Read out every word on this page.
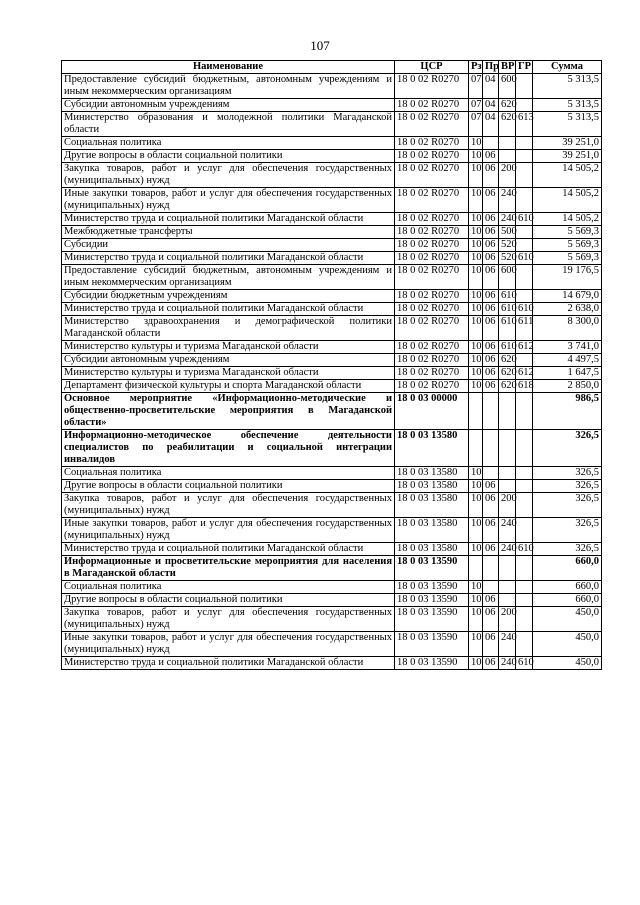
107
Наименование	ЦСР	Рз	Пр	ВР	ГР	Сумма
Предоставление субсидий бюджетным, автономным учреждениям и иным некоммерческим организациям	18 0 02 R0270	07	04	600		5 313,5
Субсидии автономным учреждениям	18 0 02 R0270	07	04	620		5 313,5
Министерство образования и молодежной политики Магаданской области	18 0 02 R0270	07	04	620	613	5 313,5
Социальная политика	18 0 02 R0270	10				39 251,0
Другие вопросы в области социальной политики	18 0 02 R0270	10	06			39 251,0
Закупка товаров, работ и услуг для обеспечения государственных (муниципальных) нужд	18 0 02 R0270	10	06	200		14 505,2
Иные закупки товаров, работ и услуг для обеспечения государственных (муниципальных) нужд	18 0 02 R0270	10	06	240		14 505,2
Министерство труда и социальной политики Магаданской области	18 0 02 R0270	10	06	240	610	14 505,2
Межбюджетные трансферты	18 0 02 R0270	10	06	500		5 569,3
Субсидии	18 0 02 R0270	10	06	520		5 569,3
Министерство труда и социальной политики Магаданской области	18 0 02 R0270	10	06	520	610	5 569,3
Предоставление субсидий бюджетным, автономным учреждениям и иным некоммерческим организациям	18 0 02 R0270	10	06	600		19 176,5
Субсидии бюджетным учреждениям	18 0 02 R0270	10	06	610		14 679,0
Министерство труда и социальной политики Магаданской области	18 0 02 R0270	10	06	610	610	2 638,0
Министерство здравоохранения и демографической политики Магаданской области	18 0 02 R0270	10	06	610	611	8 300,0
Министерство культуры и туризма Магаданской области	18 0 02 R0270	10	06	610	612	3 741,0
Субсидии автономным учреждениям	18 0 02 R0270	10	06	620		4 497,5
Министерство культуры и туризма Магаданской области	18 0 02 R0270	10	06	620	612	1 647,5
Департамент физической культуры и спорта Магаданской области	18 0 02 R0270	10	06	620	618	2 850,0
Основное мероприятие «Информационно-методические и общественно-просветительские мероприятия в Магаданской области»	18 0 03 00000					986,5
Информационно-методическое обеспечение деятельности специалистов по реабилитации и социальной интеграции инвалидов	18 0 03 13580					326,5
Социальная политика	18 0 03 13580	10				326,5
Другие вопросы в области социальной политики	18 0 03 13580	10	06			326,5
Закупка товаров, работ и услуг для обеспечения государственных (муниципальных) нужд	18 0 03 13580	10	06	200		326,5
Иные закупки товаров, работ и услуг для обеспечения государственных (муниципальных) нужд	18 0 03 13580	10	06	240		326,5
Министерство труда и социальной политики Магаданской области	18 0 03 13580	10	06	240	610	326,5
Информационные и просветительские мероприятия для населения в Магаданской области	18 0 03 13590					660,0
Социальная политика	18 0 03 13590	10				660,0
Другие вопросы в области социальной политики	18 0 03 13590	10	06			660,0
Закупка товаров, работ и услуг для обеспечения государственных (муниципальных) нужд	18 0 03 13590	10	06	200		450,0
Иные закупки товаров, работ и услуг для обеспечения государственных (муниципальных) нужд	18 0 03 13590	10	06	240		450,0
Министерство труда и социальной политики Магаданской области	18 0 03 13590	10	06	240	610	450,0
